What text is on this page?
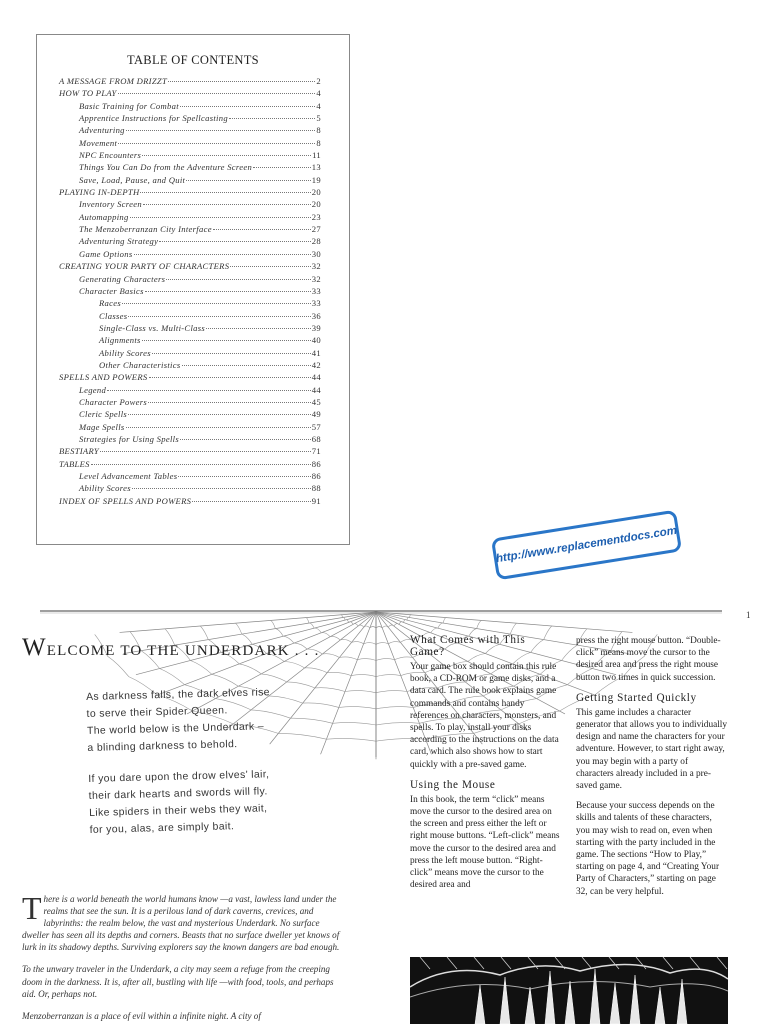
TABLE OF CONTENTS
A MESSAGE FROM DRIZZT	2
HOW TO PLAY	4
Basic Training for Combat	4
Apprentice Instructions for Spellcasting	5
Adventuring	8
Movement	8
NPC Encounters	11
Things You Can Do from the Adventure Screen	13
Save, Load, Pause, and Quit	19
PLAYING IN-DEPTH	20
Inventory Screen	20
Automapping	23
The Menzoberranzan City Interface	27
Adventuring Strategy	28
Game Options	30
CREATING YOUR PARTY OF CHARACTERS	32
Generating Characters	32
Character Basics	33
Races	33
Classes	36
Single-Class vs. Multi-Class	39
Alignments	40
Ability Scores	41
Other Characteristics	42
SPELLS AND POWERS	44
Legend	44
Character Powers	45
Cleric Spells	49
Mage Spells	57
Strategies for Using Spells	68
BESTIARY	71
TABLES	86
Level Advancement Tables	86
Ability Scores	88
INDEX OF SPELLS AND POWERS	91
http://www.replacementdocs.com
1
WELCOME TO THE UNDERDARK . . .
As darkness falls, the dark elves rise
to serve their Spider Queen.
The world below is the Underdark –
a blinding darkness to behold.
If you dare upon the drow elves’ lair,
their dark hearts and swords will fly.
Like spiders in their webs they wait,
for you, alas, are simply bait.

There is a world beneath the world humans know —a vast, lawless land under the realms that see the sun. It is a perilous land of dark caverns, crevices, and labyrinths: the realm below, the vast and mysterious Underdark. No surface dweller has seen all its depths and corners. Beasts that no surface dweller yet knows of lurk in its shadowy depths. Surviving explorers say the known dangers are bad enough.

To the unwary traveler in the Underdark, a city may seem a refuge from the creeping doom in the darkness. It is, after all, bustling with life —with food, tools, and perhaps aid. Or, perhaps not.

Menzoberranzan is a place of evil within a infinite night. A city of

What Comes with This Game?

Your game box should contain this rule book, a CD-ROM or game disks, and a data card. The rule book explains game commands and contains handy references on characters, monsters, and spells. To play, install your disks according to the instructions on the data card, which also shows how to start quickly with a pre-saved game.

Using the Mouse

In this book, the term “click” means move the cursor to the desired area on the screen and press either the left or right mouse buttons. “Left-click” means move the cursor to the desired area and press the left mouse button. “Right-click” means move the cursor to the desired area and

press the right mouse button. “Double-click” means move the cursor to the desired area and press the right mouse button two times in quick succession.

Getting Started Quickly

This game includes a character generator that allows you to individually design and name the characters for your adventure. However, to start right away, you may begin with a party of characters already included in a pre-saved game.

Because your success depends on the skills and talents of these characters, you may wish to read on, even when starting with the party included in the game. The sections “How to Play,” starting on page 4, and “Creating Your Party of Characters,” starting on page 32, can be very helpful.
